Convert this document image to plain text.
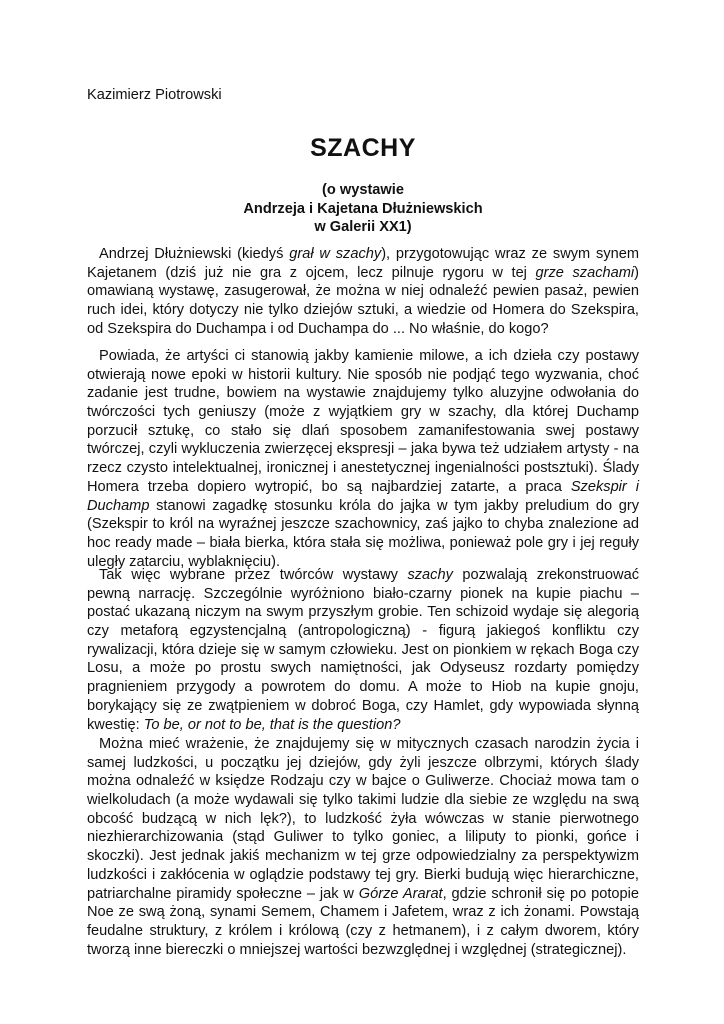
Kazimierz Piotrowski
SZACHY
(o wystawie
Andrzeja i Kajetana Dłużniewskich
w Galerii XX1)
Andrzej Dłużniewski (kiedyś grał w szachy), przygotowując wraz ze swym synem
Kajetanem (dziś już nie gra z ojcem, lecz pilnuje rygoru w tej grze szachami)
omawianą wystawę, zasugerował, że można w niej odnaleźć pewien pasaż, pewien
ruch idei, który dotyczy nie tylko dziejów sztuki, a wiedzie od Homera do Szekspira,
od Szekspira do Duchampa i od Duchampa do ... No właśnie, do kogo?
Powiada, że artyści ci stanowią jakby kamienie milowe, a ich dzieła czy postawy
otwierają nowe epoki w historii kultury. Nie sposób nie podjąć tego wyzwania, choć
zadanie jest trudne, bowiem na wystawie znajdujemy tylko aluzyjne odwołania do
twórczości tych geniuszy (może z wyjątkiem gry w szachy, dla której Duchamp
porzucił sztukę, co stało się dlań sposobem zamanifestowania swej postawy
twórczej, czyli wykluczenia zwierzęcej ekspresji – jaka bywa też udziałem artysty - na
rzecz czysto intelektualnej, ironicznej i anestetycznej ingenialności postsztuki). Ślady
Homera trzeba dopiero wytropić, bo są najbardziej zatarte, a praca Szekspir i
Duchamp stanowi zagadkę stosunku króla do jajka w tym jakby preludium do gry
(Szekspir to król na wyraźnej jeszcze szachownicy, zaś jajko to chyba znalezione ad
hoc ready made – biała bierka, która stała się możliwa, ponieważ pole gry i jej reguły
uległy zatarciu, wyblaknięciu).
Tak więc wybrane przez twórców wystawy szachy pozwalają zrekonstruować
pewną narrację. Szczególnie wyróżniono biało-czarny pionek na kupie piachu –
postać ukazaną niczym na swym przyszłym grobie. Ten schizoid wydaje się alegorią
czy metaforą egzystencjalną (antropologiczną) - figurą jakiegoś konfliktu czy
rywalizacji, która dzieje się w samym człowieku. Jest on pionkiem w rękach Boga czy
Losu, a może po prostu swych namiętności, jak Odyseusz rozdarty pomiędzy
pragnieniem przygody a powrotem do domu. A może to Hiob na kupie gnoju,
borykający się ze zwątpieniem w dobroć Boga, czy Hamlet, gdy wypowiada słynną
kwestię: To be, or not to be, that is the question?
Można mieć wrażenie, że znajdujemy się w mitycznych czasach narodzin życia i
samej ludzkości, u początku jej dziejów, gdy żyli jeszcze olbrzymi, których ślady
można odnaleźć w księdze Rodzaju czy w bajce o Guliwerze. Chociaż mowa tam o
wielkoludach (a może wydawali się tylko takimi ludzie dla siebie ze względu na swą
obcość budzącą w nich lęk?), to ludzkość żyła wówczas w stanie pierwotnego
niezhierarchizowania (stąd Guliwer to tylko goniec, a liliputy to pionki, gońce i
skoczki). Jest jednak jakiś mechanizm w tej grze odpowiedzialny za perspektywizm
ludzkości i zakłócenia w oglądzie podstawy tej gry. Bierki budują więc hierarchiczne,
patriarchalne piramidy społeczne – jak w Górze Ararat, gdzie schronił się po potopie
Noe ze swą żoną, synami Semem, Chamem i Jafetem, wraz z ich żonami. Powstają
feudalne struktury, z królem i królową (czy z hetmanem), i z całym dworem, który
tworzą inne biereczki o mniejszej wartości bezwzględnej i względnej (strategicznej).
